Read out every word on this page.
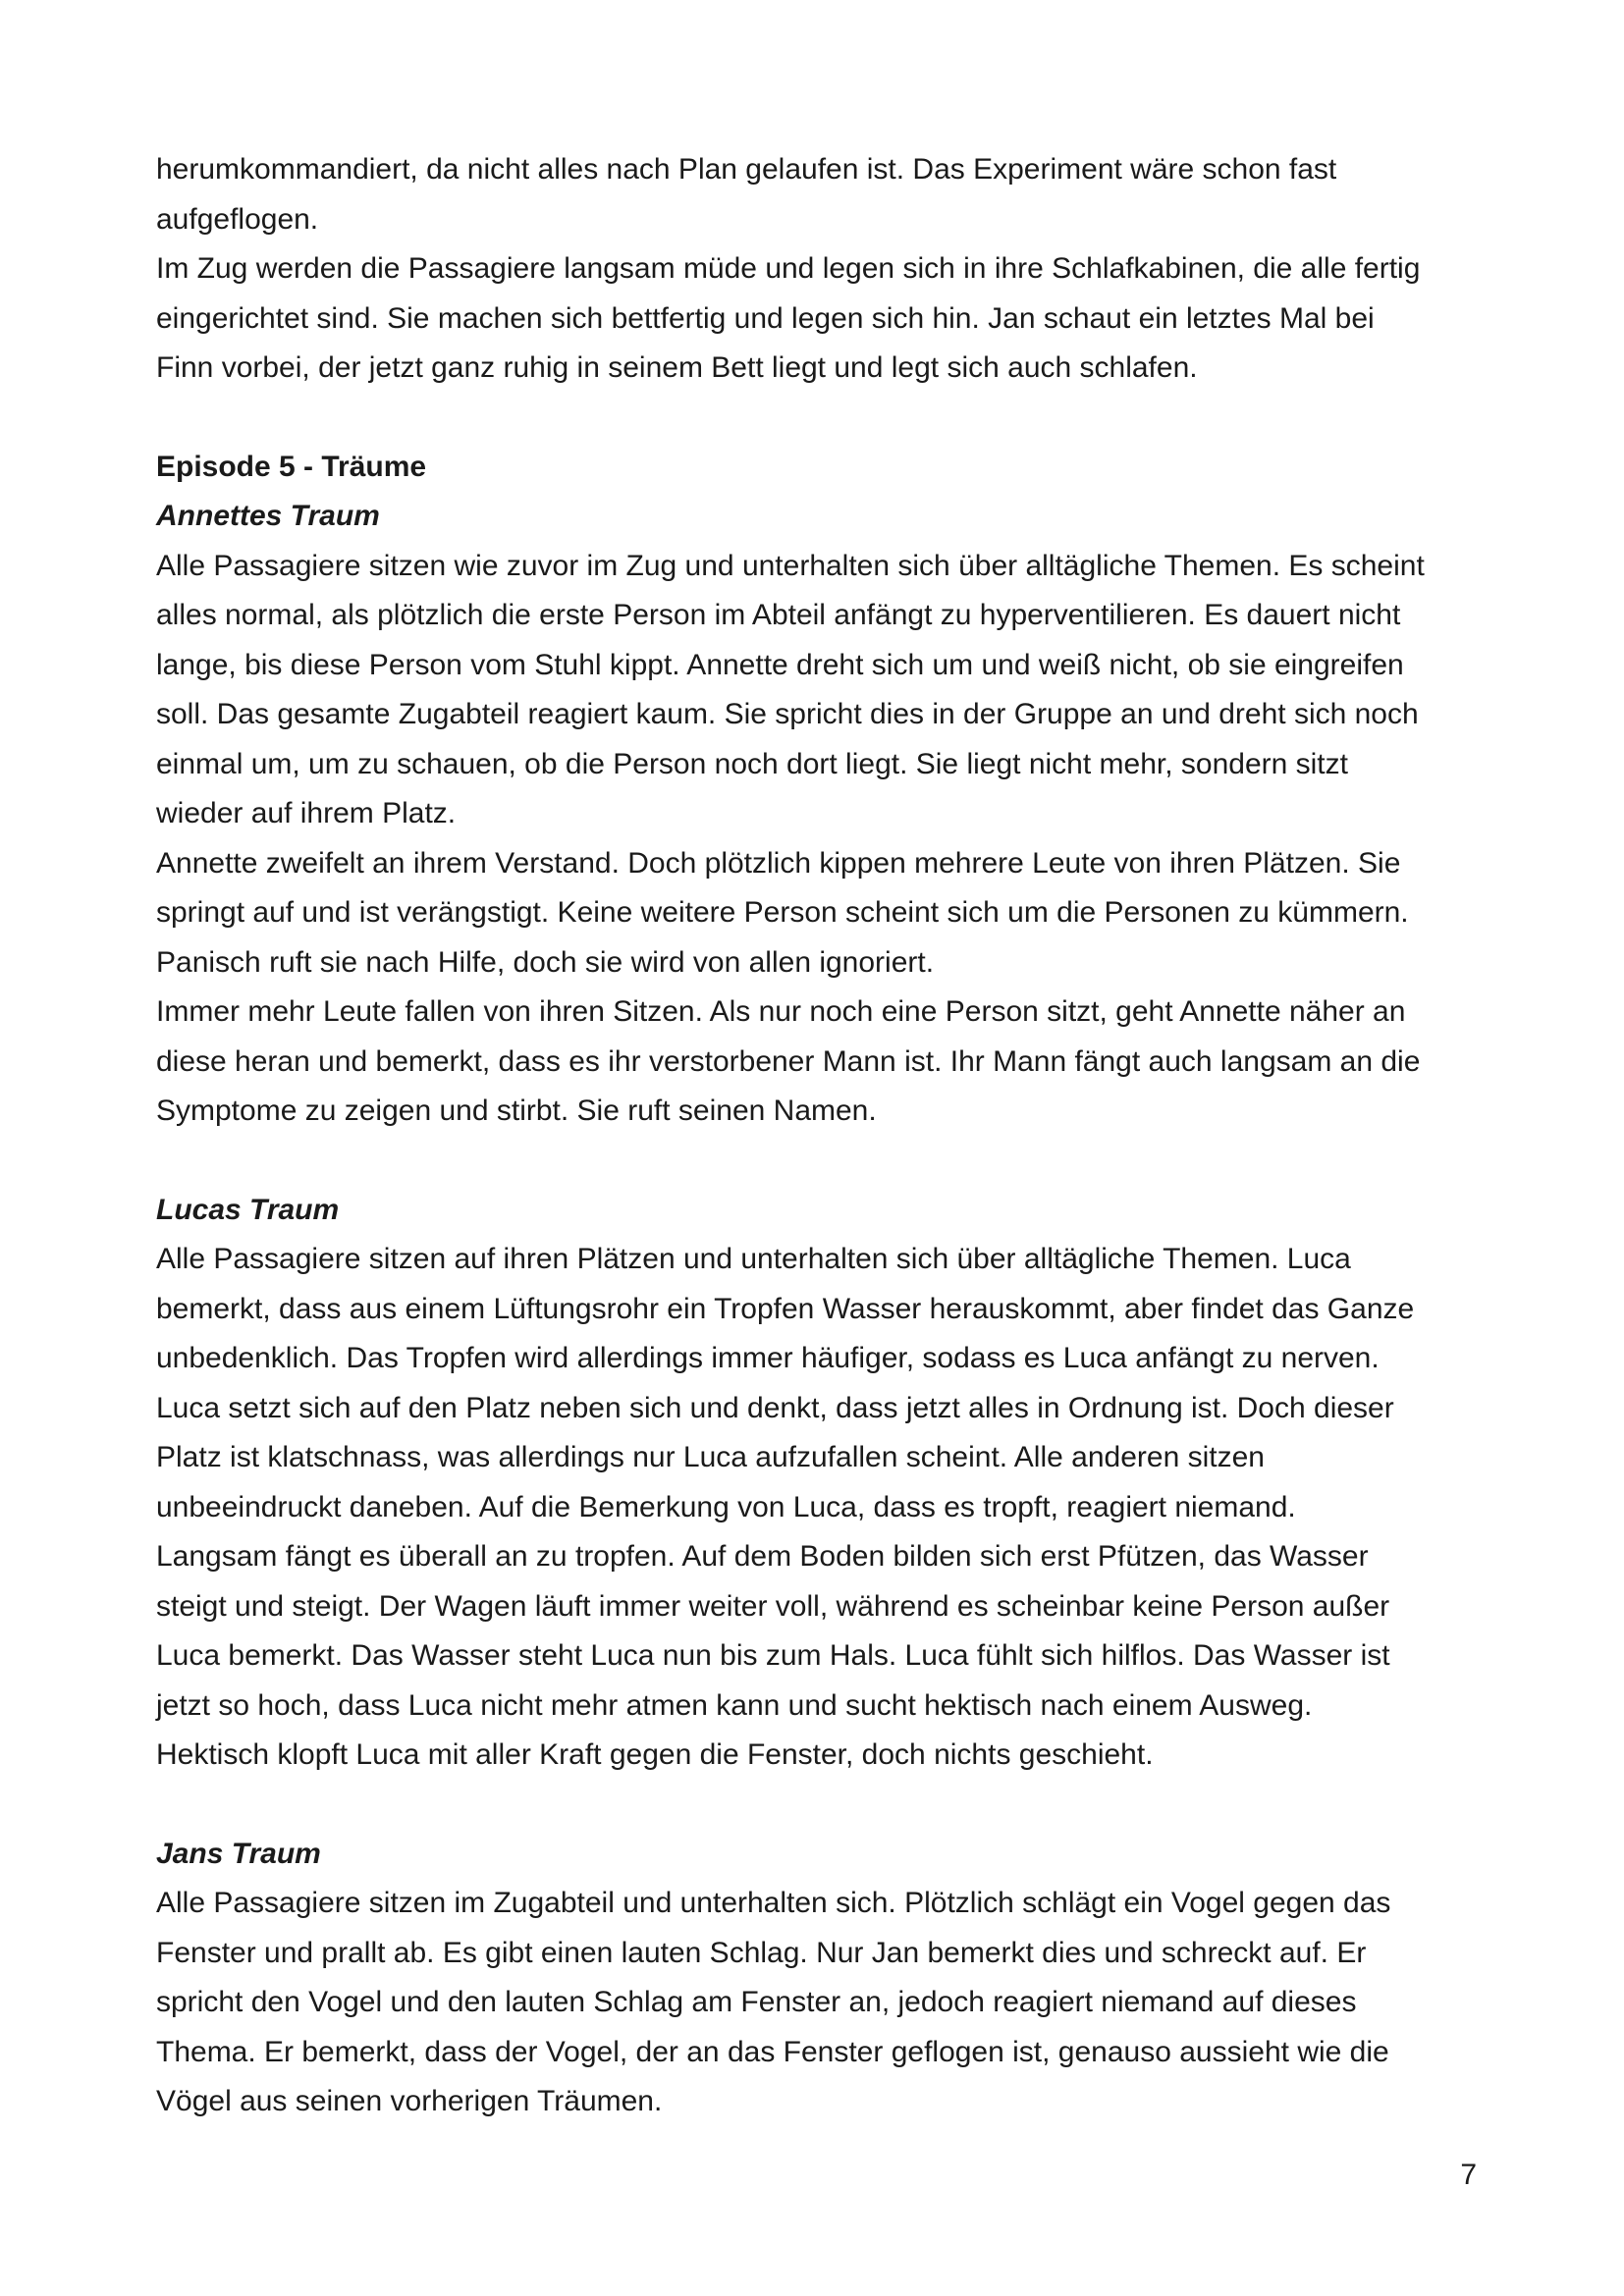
herumkommandiert, da nicht alles nach Plan gelaufen ist. Das Experiment wäre schon fast

aufgeflogen.

Im Zug werden die Passagiere langsam müde und legen sich in ihre Schlafkabinen, die alle fertig

eingerichtet sind. Sie machen sich bettfertig und legen sich hin. Jan schaut ein letztes Mal bei

Finn vorbei, der jetzt ganz ruhig in seinem Bett liegt und legt sich auch schlafen.

Episode 5 - Träume
Annettes Traum

Alle Passagiere sitzen wie zuvor im Zug und unterhalten sich über alltägliche Themen. Es scheint

alles normal, als plötzlich die erste Person im Abteil anfängt zu hyperventilieren. Es dauert nicht

lange, bis diese Person vom Stuhl kippt. Annette dreht sich um und weiß nicht, ob sie eingreifen

soll. Das gesamte Zugabteil reagiert kaum. Sie spricht dies in der Gruppe an und dreht sich noch

einmal um, um zu schauen, ob die Person noch dort liegt. Sie liegt nicht mehr, sondern sitzt

wieder auf ihrem Platz.

Annette zweifelt an ihrem Verstand. Doch plötzlich kippen mehrere Leute von ihren Plätzen. Sie

springt auf und ist verängstigt. Keine weitere Person scheint sich um die Personen zu kümmern.

Panisch ruft sie nach Hilfe, doch sie wird von allen ignoriert.

Immer mehr Leute fallen von ihren Sitzen. Als nur noch eine Person sitzt, geht Annette näher an

diese heran und bemerkt, dass es ihr verstorbener Mann ist. Ihr Mann fängt auch langsam an die

Symptome zu zeigen und stirbt. Sie ruft seinen Namen.

Lucas Traum

Alle Passagiere sitzen auf ihren Plätzen und unterhalten sich über alltägliche Themen. Luca

bemerkt, dass aus einem Lüftungsrohr ein Tropfen Wasser herauskommt, aber findet das Ganze

unbedenklich. Das Tropfen wird allerdings immer häufiger, sodass es Luca anfängt zu nerven.

Luca setzt sich auf den Platz neben sich und denkt, dass jetzt alles in Ordnung ist. Doch dieser

Platz ist klatschnass, was allerdings nur Luca aufzufallen scheint. Alle anderen sitzen

unbeeindruckt daneben. Auf die Bemerkung von Luca, dass es tropft, reagiert niemand.

Langsam fängt es überall an zu tropfen. Auf dem Boden bilden sich erst Pfützen, das Wasser

steigt und steigt. Der Wagen läuft immer weiter voll, während es scheinbar keine Person außer

Luca bemerkt. Das Wasser steht Luca nun bis zum Hals. Luca fühlt sich hilflos. Das Wasser ist

jetzt so hoch, dass Luca nicht mehr atmen kann und sucht hektisch nach einem Ausweg.

Hektisch klopft Luca mit aller Kraft gegen die Fenster, doch nichts geschieht.

Jans Traum

Alle Passagiere sitzen im Zugabteil und unterhalten sich. Plötzlich schlägt ein Vogel gegen das

Fenster und prallt ab. Es gibt einen lauten Schlag. Nur Jan bemerkt dies und schreckt auf. Er

spricht den Vogel und den lauten Schlag am Fenster an, jedoch reagiert niemand auf dieses

Thema. Er bemerkt, dass der Vogel, der an das Fenster geflogen ist, genauso aussieht wie die

Vögel aus seinen vorherigen Träumen.

7
